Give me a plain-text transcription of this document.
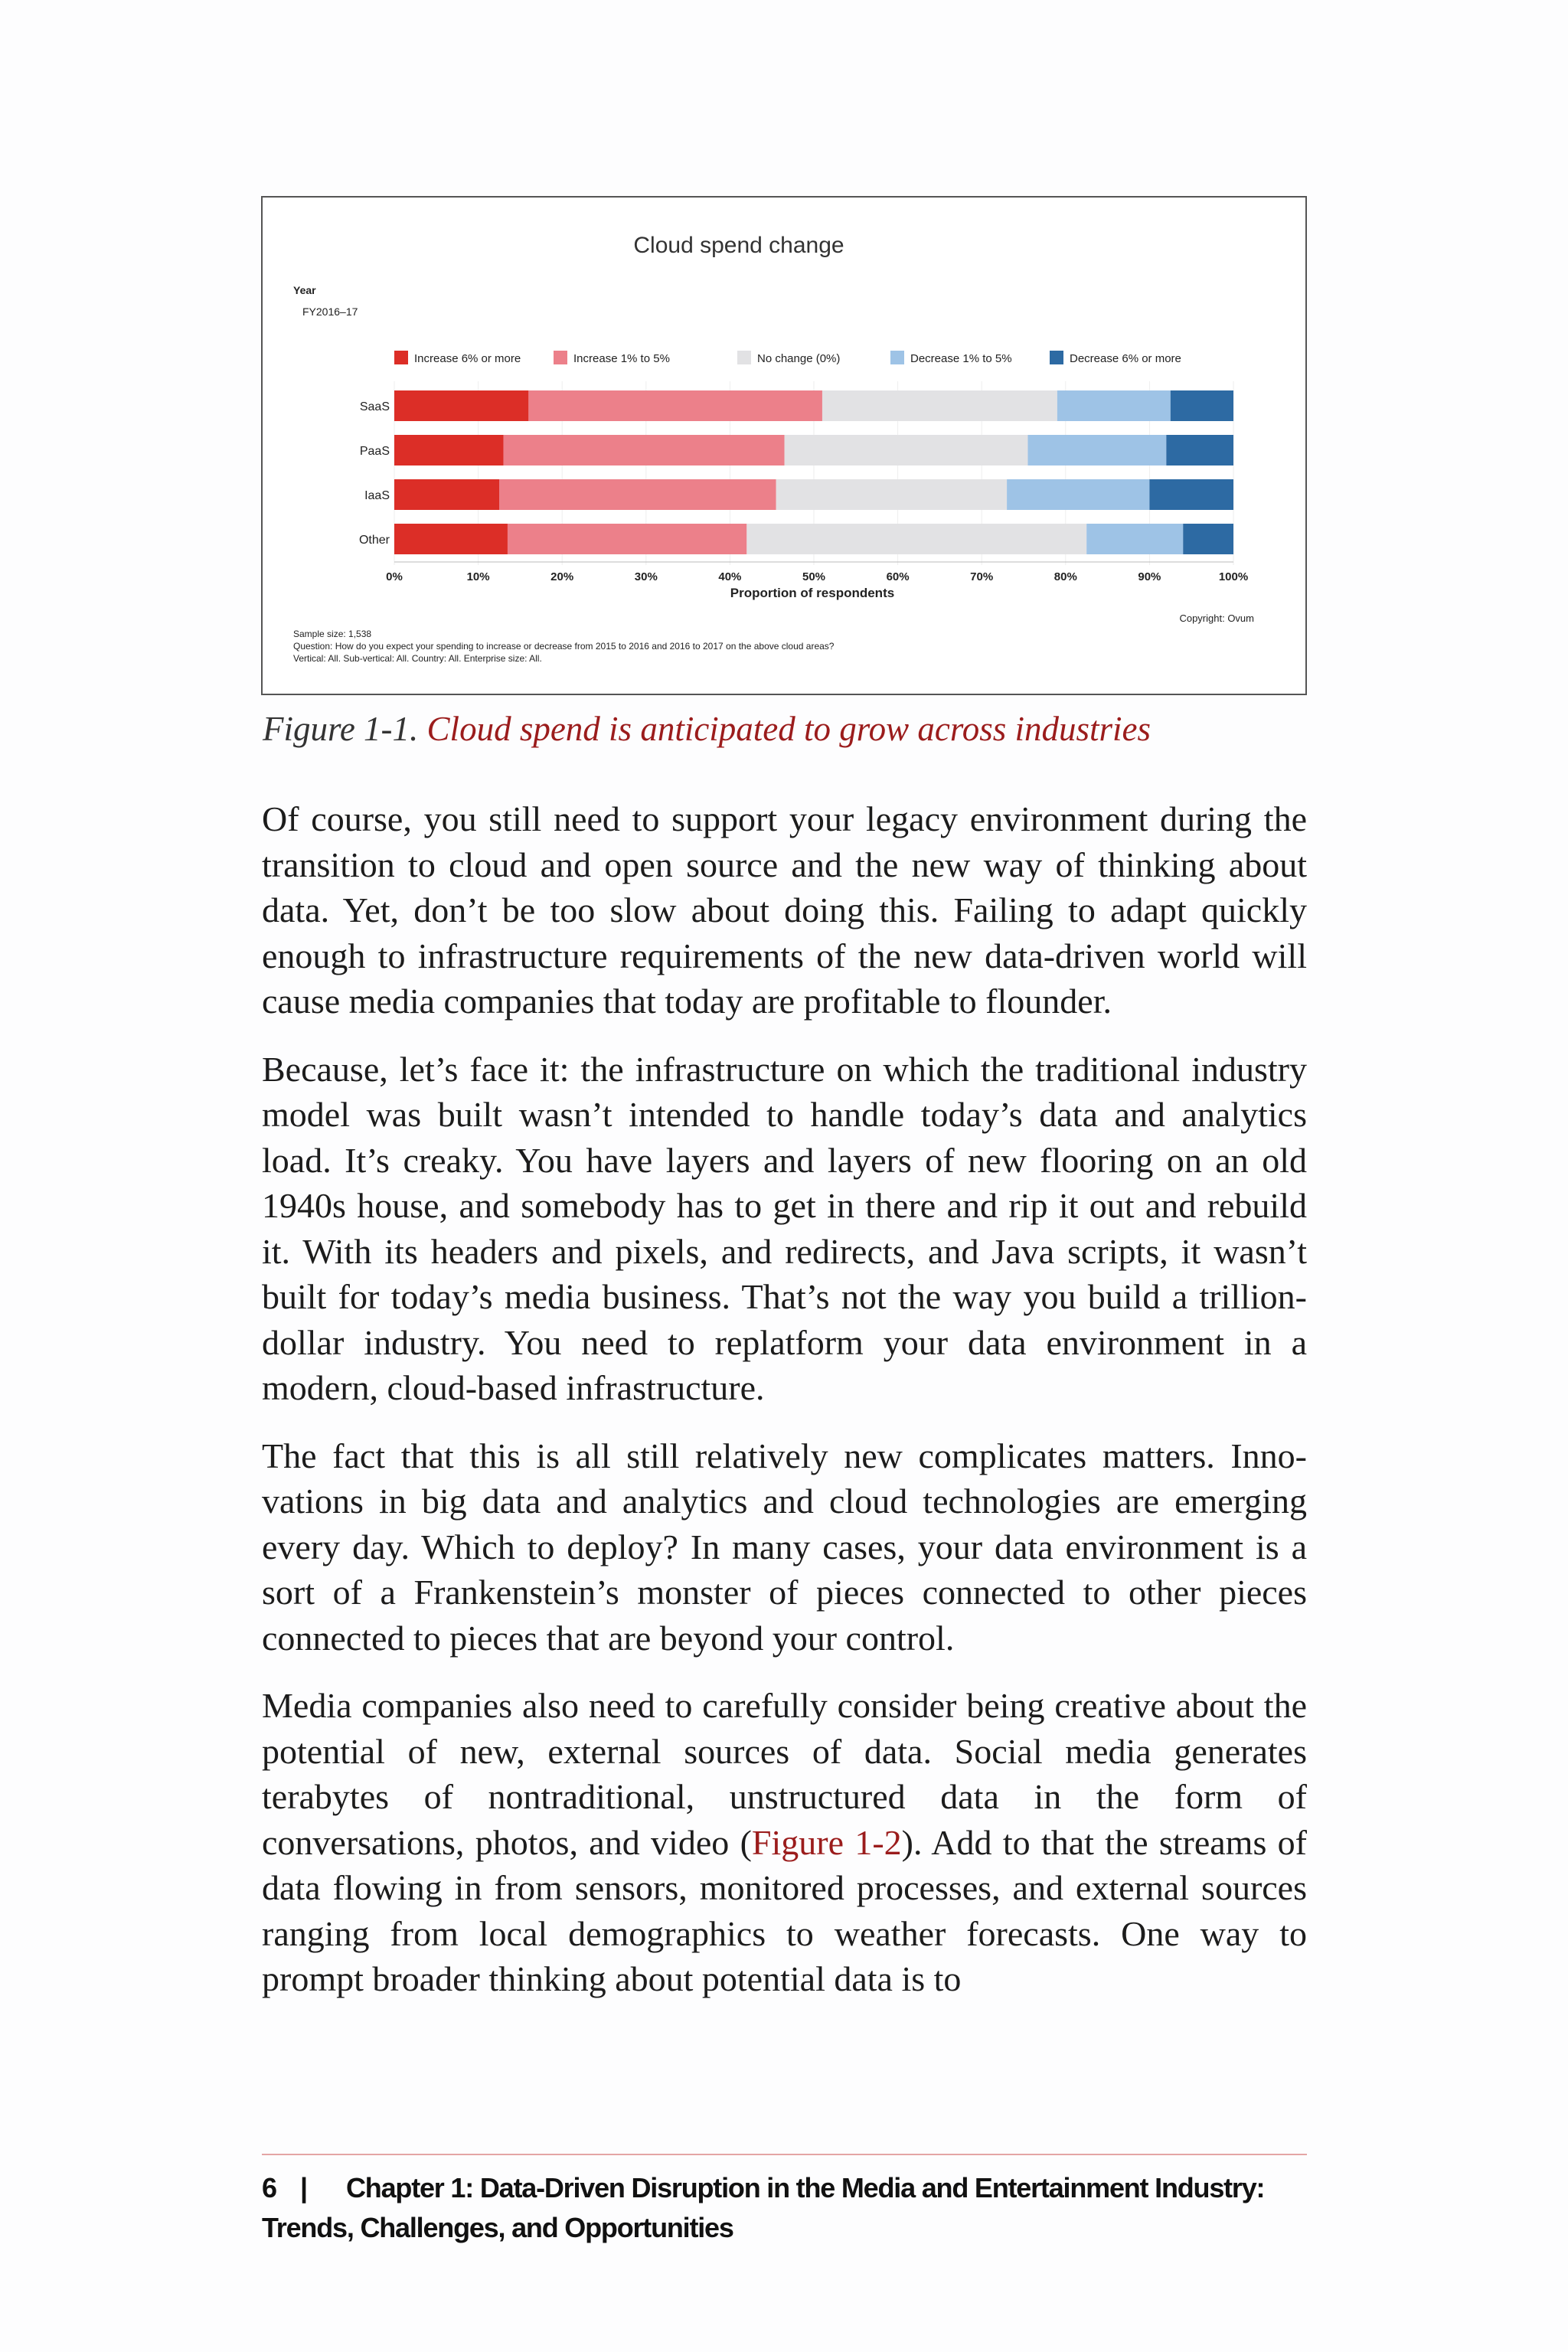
Cloud spend change
Year
FY2016–17
Increase 6% or more	Increase 1% to 5%	No change (0%)	Decrease 1% to 5%	Decrease 6% or more
SaaS
PaaS
IaaS
Other
0%	10%	20%	30%	40%	50%	60%	70%	80%	90%	100%
Proportion of respondents
Copyright: Ovum
Sample size: 1,538
Question: How do you expect your spending to increase or decrease from 2015 to 2016 and 2016 to 2017 on the above cloud areas?
Vertical: All. Sub-vertical: All. Country: All. Enterprise size: All.
Figure 1-1. Cloud spend is anticipated to grow across industries

Of course, you still need to support your legacy environment during the transition to cloud and open source and the new way of thinking about data. Yet, don’t be too slow about doing this. Failing to adapt quickly enough to infrastructure requirements of the new data-driven world will cause media companies that today are profitable to flounder.

Because, let’s face it: the infrastructure on which the traditional industry model was built wasn’t intended to handle today’s data and analytics load. It’s creaky. You have layers and layers of new flooring on an old 1940s house, and somebody has to get in there and rip it out and rebuild it. With its headers and pixels, and redirects, and Java scripts, it wasn’t built for today’s media business. That’s not the way you build a trillion-dollar industry. You need to replatform your data environment in a modern, cloud-based infrastructure.

The fact that this is all still relatively new complicates matters. Innovations in big data and analytics and cloud technologies are emerging every day. Which to deploy? In many cases, your data environment is a sort of a Frankenstein’s monster of pieces connected to other pieces connected to pieces that are beyond your control.

Media companies also need to carefully consider being creative about the potential of new, external sources of data. Social media generates terabytes of nontraditional, unstructured data in the form of conversations, photos, and video (Figure 1-2). Add to that the streams of data flowing in from sensors, monitored processes, and external sources ranging from local demographics to weather forecasts. One way to prompt broader thinking about potential data is to

6 | Chapter 1: Data-Driven Disruption in the Media and Entertainment Industry: Trends, Challenges, and Opportunities
